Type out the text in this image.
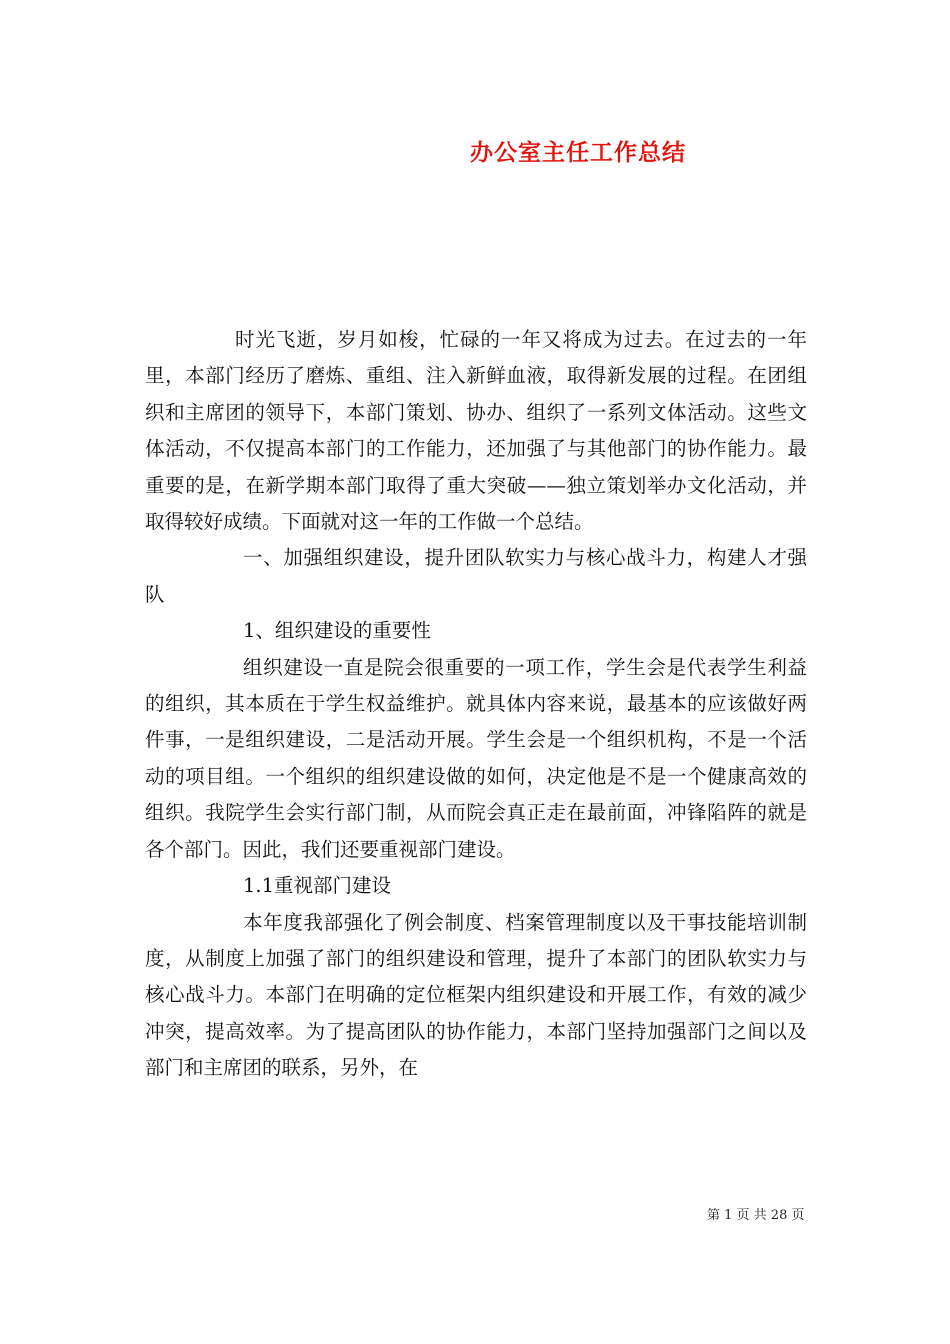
办公室主任工作总结

时光飞逝，岁月如梭，忙碌的一年又将成为过去。在过去的一年里，本部门经历了磨炼、重组、注入新鲜血液，取得新发展的过程。在团组织和主席团的领导下，本部门策划、协办、组织了一系列文体活动。这些文体活动，不仅提高本部门的工作能力，还加强了与其他部门的协作能力。最重要的是，在新学期本部门取得了重大突破——独立策划举办文化活动，并取得较好成绩。下面就对这一年的工作做一个总结。

一、加强组织建设，提升团队软实力与核心战斗力，构建人才强队

1、组织建设的重要性

组织建设一直是院会很重要的一项工作，学生会是代表学生利益的组织，其本质在于学生权益维护。就具体内容来说，最基本的应该做好两件事，一是组织建设，二是活动开展。学生会是一个组织机构，不是一个活动的项目组。一个组织的组织建设做的如何，决定他是不是一个健康高效的组织。我院学生会实行部门制，从而院会真正走在最前面，冲锋陷阵的就是各个部门。因此，我们还要重视部门建设。

1.1重视部门建设

本年度我部强化了例会制度、档案管理制度以及干事技能培训制度，从制度上加强了部门的组织建设和管理，提升了本部门的团队软实力与核心战斗力。本部门在明确的定位框架内组织建设和开展工作，有效的减少冲突，提高效率。为了提高团队的协作能力，本部门坚持加强部门之间以及部门和主席团的联系，另外，在

第 1 页 共 28 页
